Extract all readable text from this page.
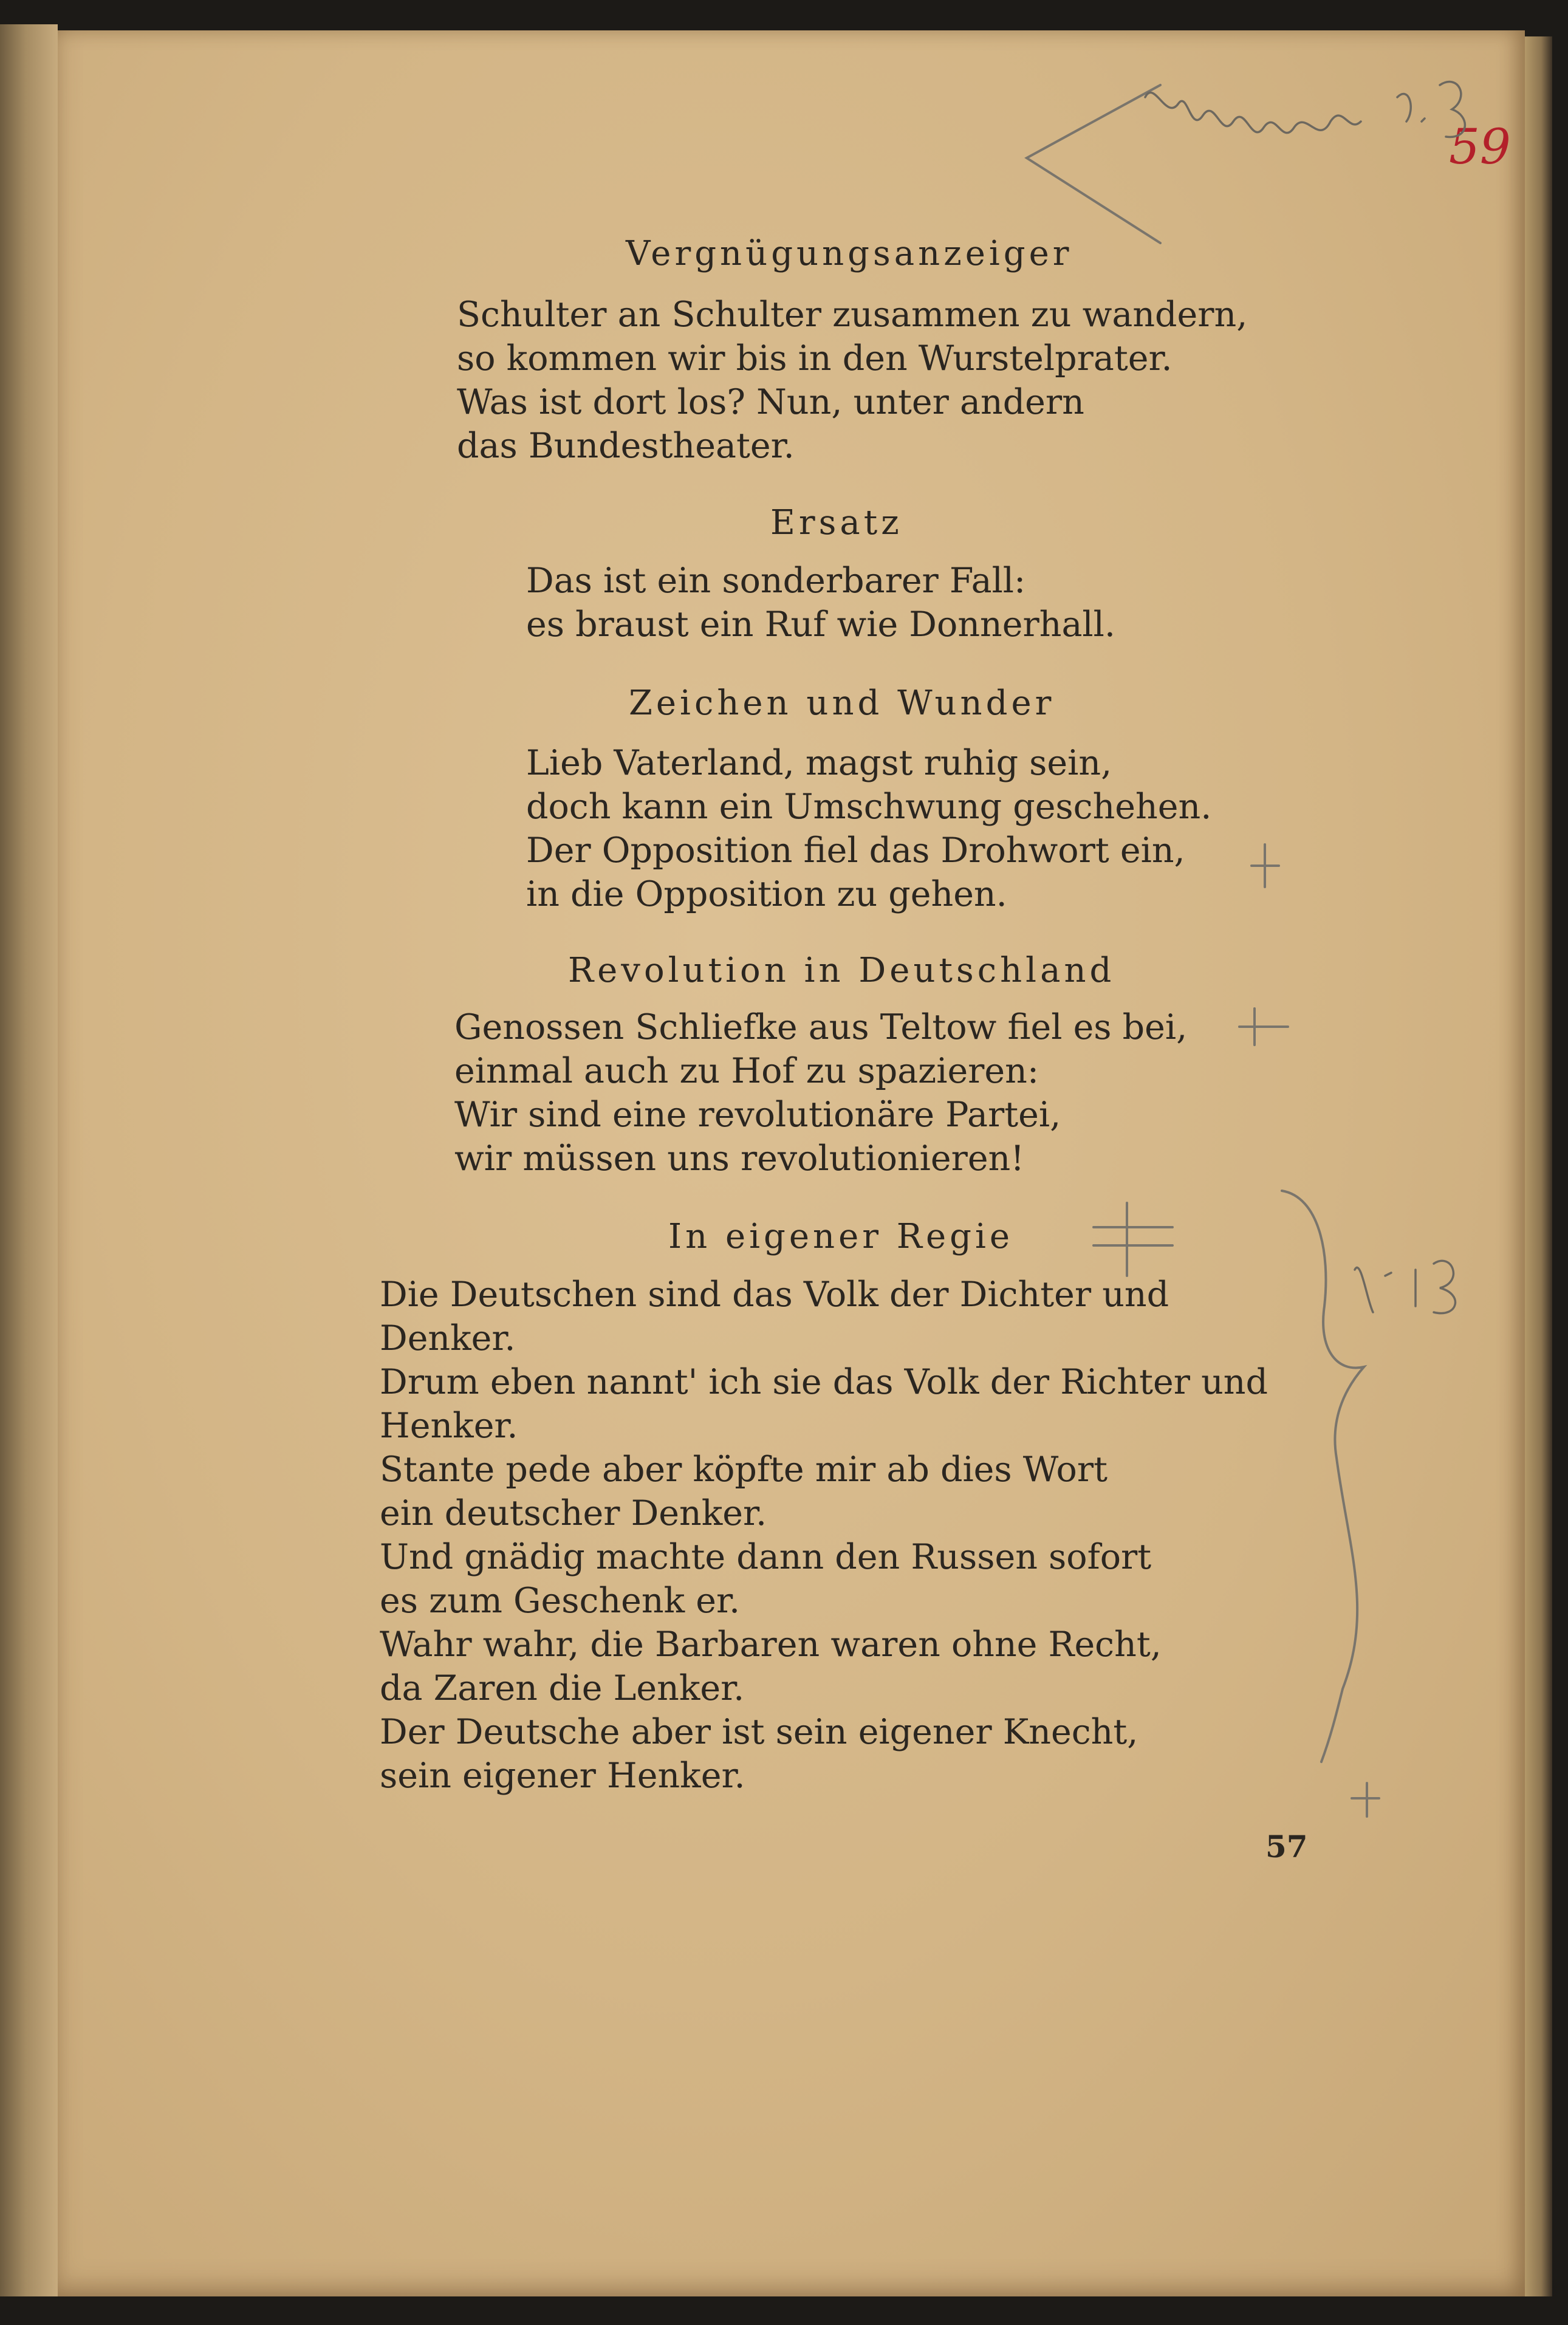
Vergnügungsanzeiger
Schulter an Schulter zusammen zu wandern,
so kommen wir bis in den Wurstelprater.
Was ist dort los? Nun, unter andern
das Bundestheater.
Ersatz
Das ist ein sonderbarer Fall:
es braust ein Ruf wie Donnerhall.
Zeichen und Wunder
Lieb Vaterland, magst ruhig sein,
doch kann ein Umschwung geschehen.
Der Opposition fiel das Drohwort ein,
in die Opposition zu gehen.
Revolution in Deutschland
Genossen Schliefke aus Teltow fiel es bei,
einmal auch zu Hof zu spazieren:
Wir sind eine revolutionäre Partei,
wir müssen uns revolutionieren!
In eigener Regie
Die Deutschen sind das Volk der Dichter und
Denker.
Drum eben nannt' ich sie das Volk der Richter und
Henker.
Stante pede aber köpfte mir ab dies Wort
ein deutscher Denker.
Und gnädig machte dann den Russen sofort
es zum Geschenk er.
Wahr wahr, die Barbaren waren ohne Recht,
da Zaren die Lenker.
Der Deutsche aber ist sein eigener Knecht,
sein eigener Henker.
57
59
